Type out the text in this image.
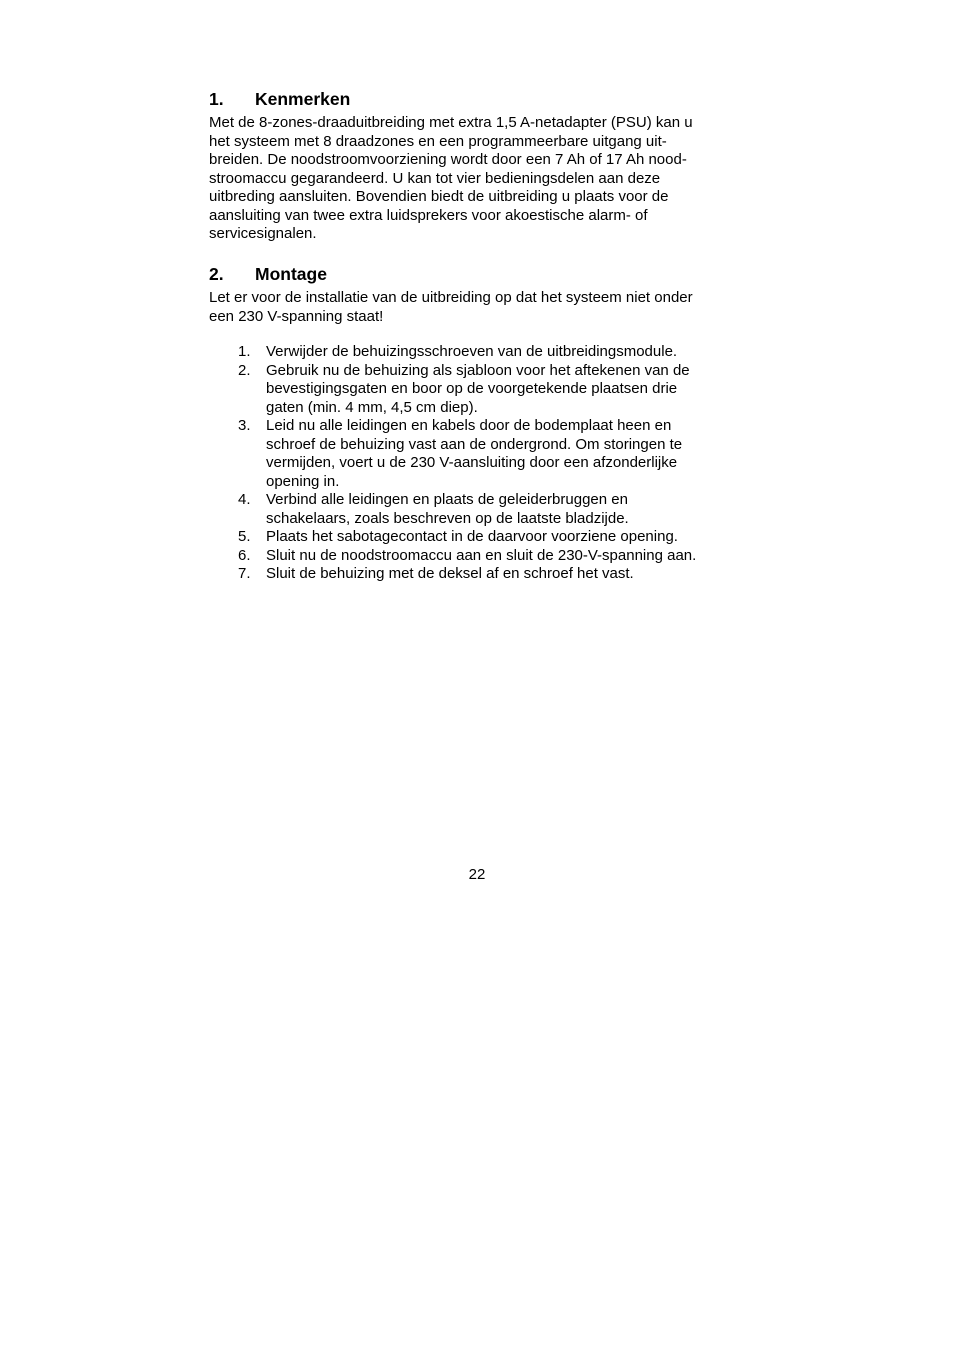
1.	Kenmerken
Met de 8-zones-draaduitbreiding met extra 1,5 A-netadapter (PSU) kan u
het systeem met 8 draadzones en een programmeerbare uitgang uit-
breiden. De noodstroomvoorziening wordt door een 7 Ah of 17 Ah nood-
stroomaccu gegarandeerd. U kan tot vier bedieningsdelen aan deze
uitbreding aansluiten. Bovendien biedt de uitbreiding u plaats voor de
aansluiting van twee extra luidsprekers voor akoestische alarm- of
servicesignalen.
2.	Montage
Let er voor de installatie van de uitbreiding op dat het systeem niet onder
een 230 V-spanning staat!
1.	Verwijder de behuizingsschroeven van de uitbreidingsmodule.
2.	Gebruik nu de behuizing als sjabloon voor het aftekenen van de
bevestigingsgaten en boor op de voorgetekende plaatsen drie
gaten (min. 4 mm, 4,5 cm diep).
3.	Leid nu alle leidingen en kabels door de bodemplaat heen en
schroef de behuizing vast aan de ondergrond. Om storingen te
vermijden, voert u de 230 V-aansluiting door een afzonderlijke
opening in.
4.	Verbind alle leidingen en plaats de geleiderbruggen en
schakelaars, zoals beschreven op de laatste bladzijde.
5.	Plaats het sabotagecontact in de daarvoor voorziene opening.
6.	Sluit nu de noodstroomaccu aan en sluit de 230-V-spanning aan.
7.	Sluit de behuizing met de deksel af en schroef het vast.
22
